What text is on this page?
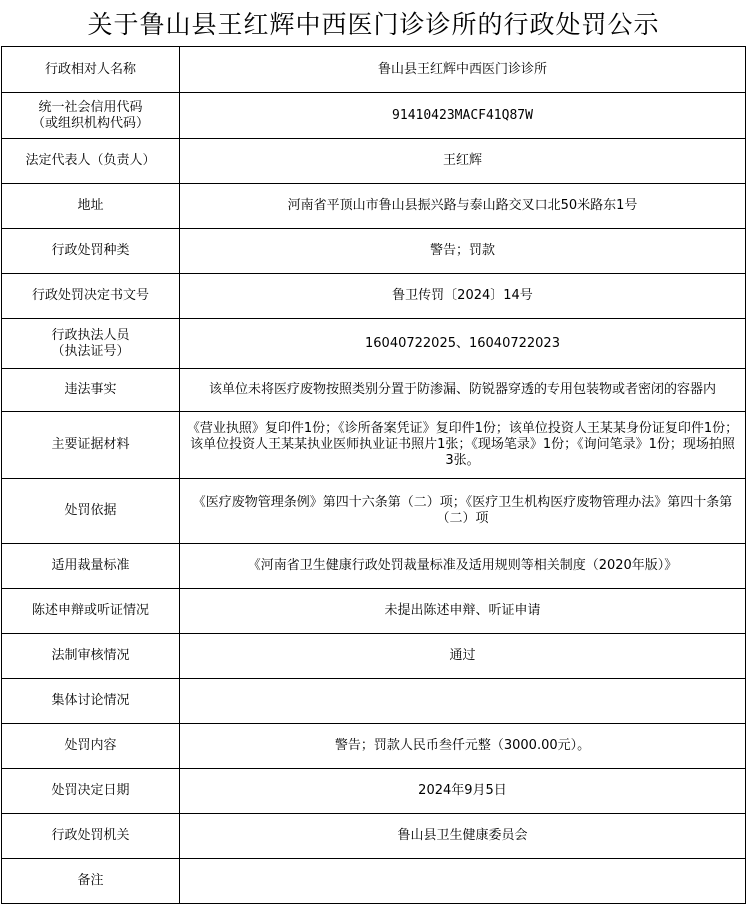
关于鲁山县王红辉中西医门诊诊所的行政处罚公示
行政相对人名称	鲁山县王红辉中西医门诊诊所
统一社会信用代码
（或组织机构代码）	91410423MACF41Q87W
法定代表人（负责人）	王红辉
地址	河南省平顶山市鲁山县振兴路与泰山路交叉口北50米路东1号
行政处罚种类	警告；罚款
行政处罚决定书文号	鲁卫传罚〔2024〕14号
行政执法人员
（执法证号）	16040722025、16040722023
违法事实	该单位未将医疗废物按照类别分置于防渗漏、防锐器穿透的专用包装物或者密闭的容器内
主要证据材料	《营业执照》复印件1份；《诊所备案凭证》复印件1份；该单位投资人王某某身份证复印件1份；该单位投资人王某某执业医师执业证书照片1张；《现场笔录》1份；《询问笔录》1份；现场拍照3张。
处罚依据	《医疗废物管理条例》第四十六条第（二）项；《医疗卫生机构医疗废物管理办法》第四十条第（二）项
适用裁量标准	《河南省卫生健康行政处罚裁量标准及适用规则等相关制度（2020年版）》
陈述申辩或听证情况	未提出陈述申辩、听证申请
法制审核情况	通过
集体讨论情况	
处罚内容	警告；罚款人民币叁仟元整（3000.00元）。
处罚决定日期	2024年9月5日
行政处罚机关	鲁山县卫生健康委员会
备注	
